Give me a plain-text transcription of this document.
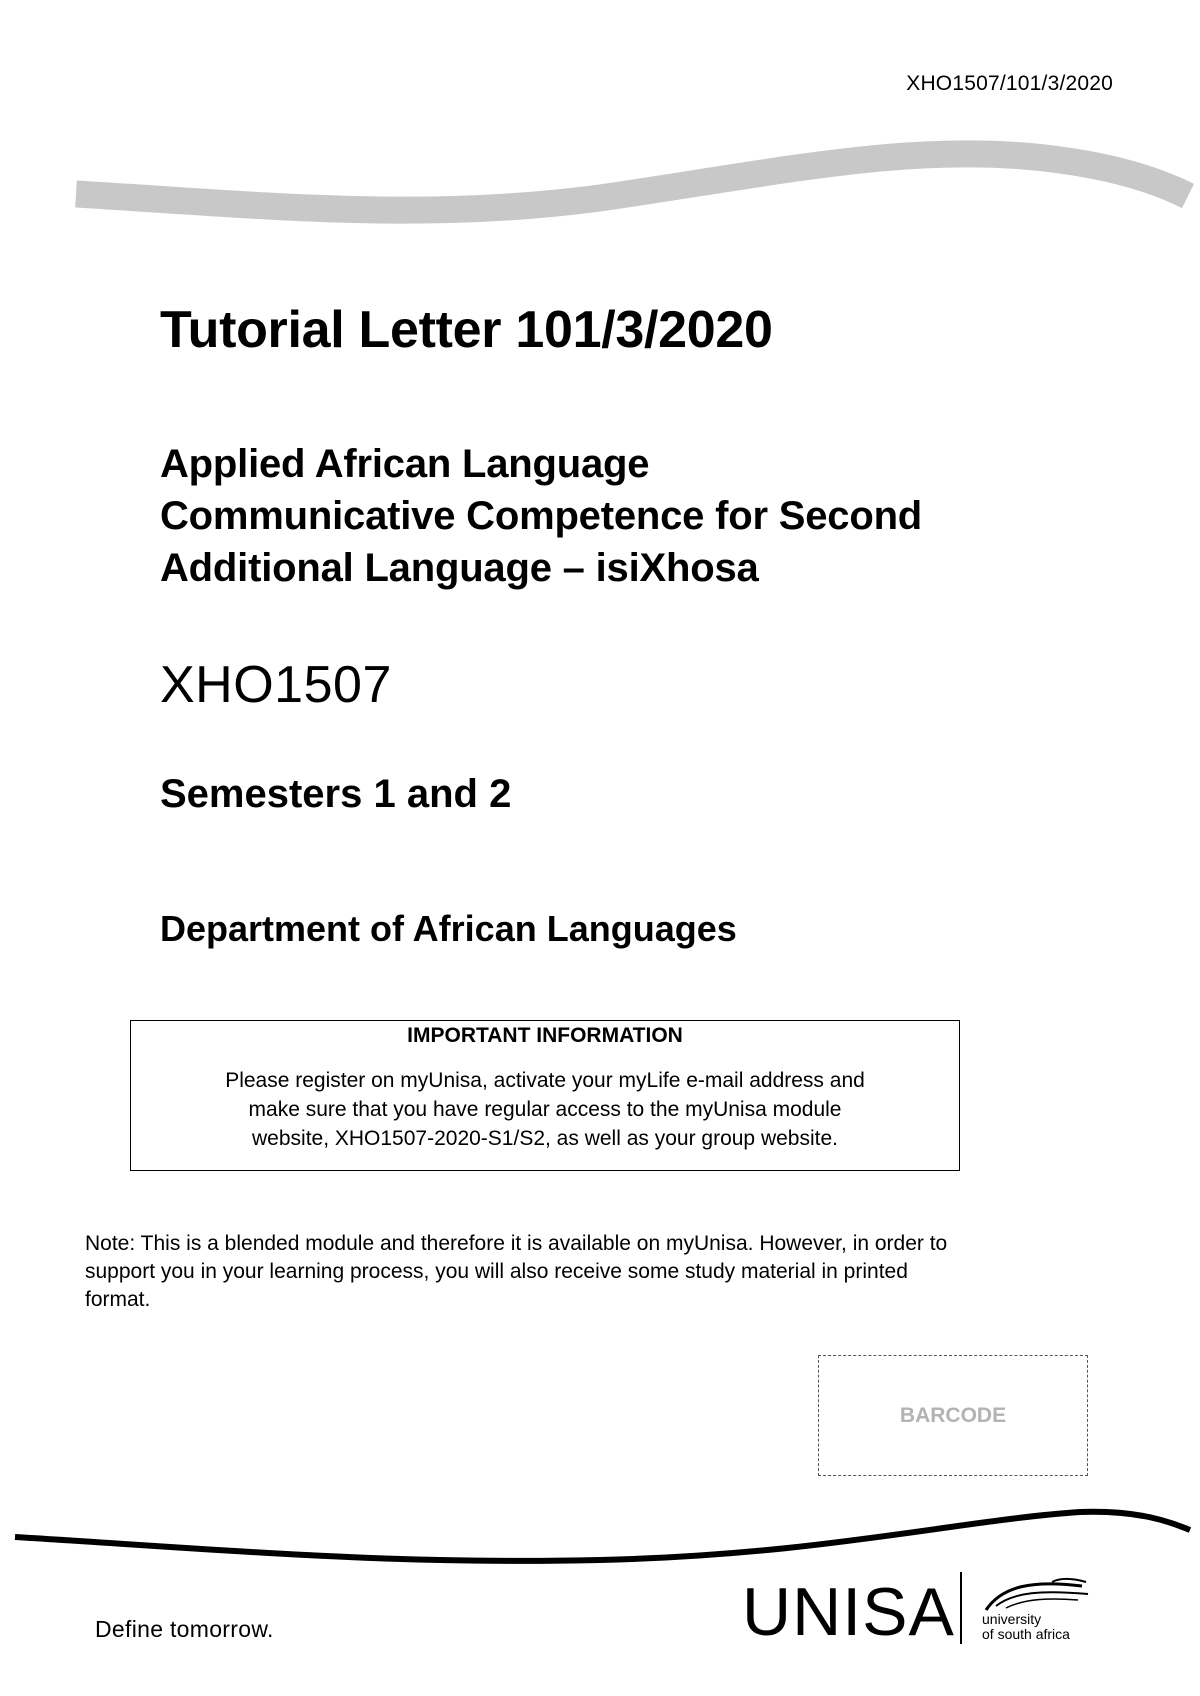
XHO1507/101/3/2020
Tutorial Letter 101/3/2020
Applied African Language
Communicative Competence for Second
Additional Language – isiXhosa
XHO1507
Semesters 1 and 2
Department of African Languages
IMPORTANT INFORMATION
Please register on myUnisa, activate your myLife e-mail address and
make sure that you have regular access to the myUnisa module
website, XHO1507-2020-S1/S2, as well as your group website.
Note: This is a blended module and therefore it is available on myUnisa. However, in order to
support you in your learning process, you will also receive some study material in printed
format.
BARCODE
Define tomorrow.	UNISA university
of south africa
